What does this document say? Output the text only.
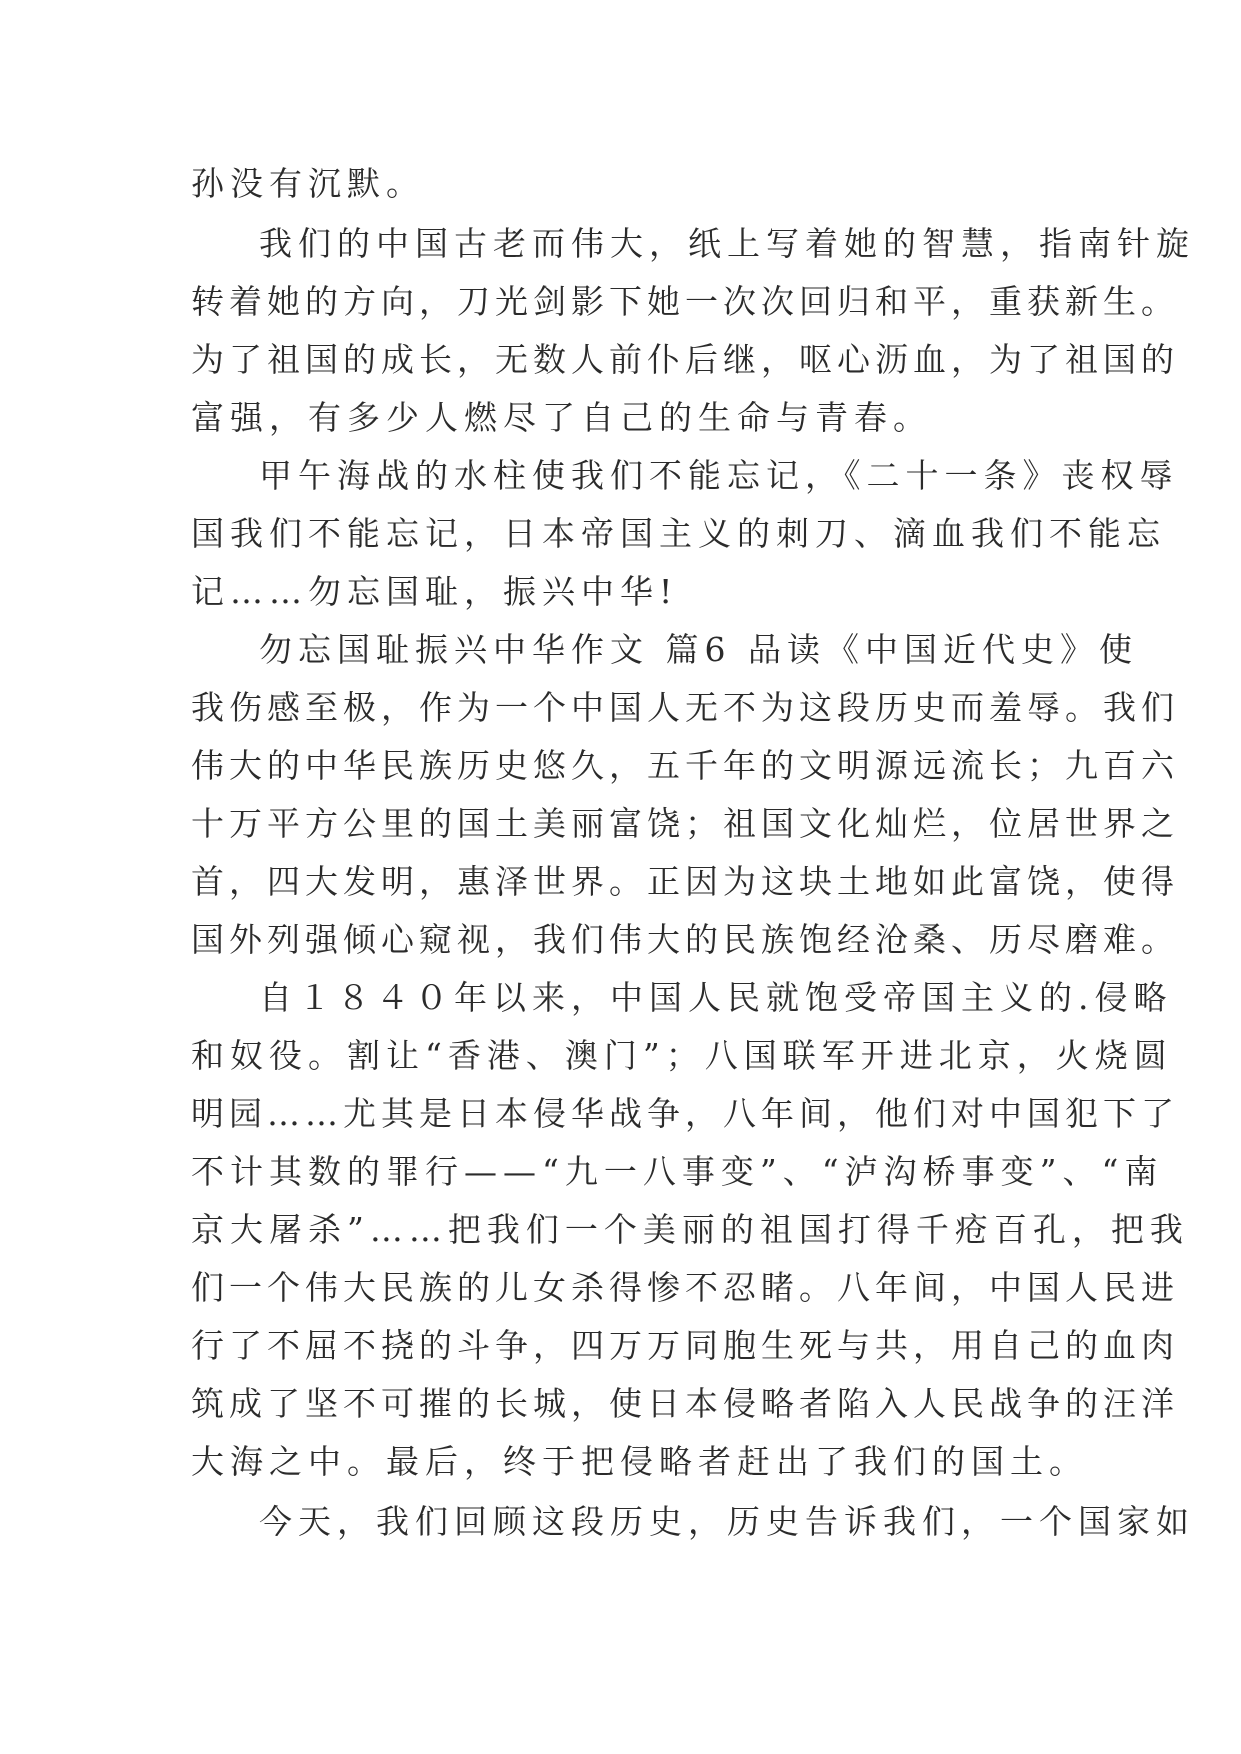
孙没有沉默。
我们的中国古老而伟大，纸上写着她的智慧，指南针旋
转着她的方向，刀光剑影下她一次次回归和平，重获新生。
为了祖国的成长，无数人前仆后继，呕心沥血，为了祖国的
富强，有多少人燃尽了自己的生命与青春。
甲午海战的水柱使我们不能忘记，《二十一条》丧权辱
国我们不能忘记，日本帝国主义的刺刀、滴血我们不能忘
记……勿忘国耻，振兴中华!
勿忘国耻振兴中华作文 篇6 品读《中国近代史》使
我伤感至极，作为一个中国人无不为这段历史而羞辱。我们
伟大的中华民族历史悠久，五千年的文明源远流长；九百六
十万平方公里的国土美丽富饶；祖国文化灿烂，位居世界之
首，四大发明，惠泽世界。正因为这块土地如此富饶，使得
国外列强倾心窥视，我们伟大的民族饱经沧桑、历尽磨难。
自１８４０年以来，中国人民就饱受帝国主义的.侵略
和奴役。割让“香港、澳门”；八国联军开进北京，火烧圆
明园……尤其是日本侵华战争，八年间，他们对中国犯下了
不计其数的罪行——“九一八事变”、“泸沟桥事变”、“南
京大屠杀”……把我们一个美丽的祖国打得千疮百孔，把我
们一个伟大民族的儿女杀得惨不忍睹。八年间，中国人民进
行了不屈不挠的斗争，四万万同胞生死与共，用自己的血肉
筑成了坚不可摧的长城，使日本侵略者陷入人民战争的汪洋
大海之中。最后，终于把侵略者赶出了我们的国土。
今天，我们回顾这段历史，历史告诉我们，一个国家如
